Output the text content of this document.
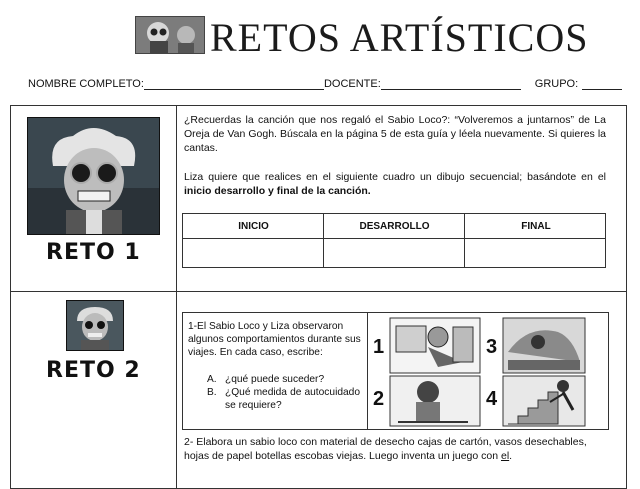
RETOS ARTÍSTICOS
NOMBRE COMPLETO:	DOCENTE:	GRUPO:
RETO 1
¿Recuerdas la canción que nos regaló el Sabio Loco?: “Volveremos a juntarnos” de La Oreja de Van Gogh. Búscala en la página 5 de esta guía y léela nuevamente. Si quieres la cantas.
Liza quiere que realices en el siguiente cuadro un dibujo secuencial; basándote en el inicio desarrollo y final de la canción.
INICIO	DESARROLLO	FINAL
RETO 2
1-El Sabio Loco y Liza observaron algunos comportamientos durante sus viajes. En cada caso, escribe:
A. ¿qué puede suceder?
B. ¿Qué medida de autocuidado se requiere?
1
2
3
4
2- Elabora un sabio loco con material de desecho cajas de cartón, vasos desechables, hojas de papel botellas escobas viejas. Luego inventa un juego con el.
